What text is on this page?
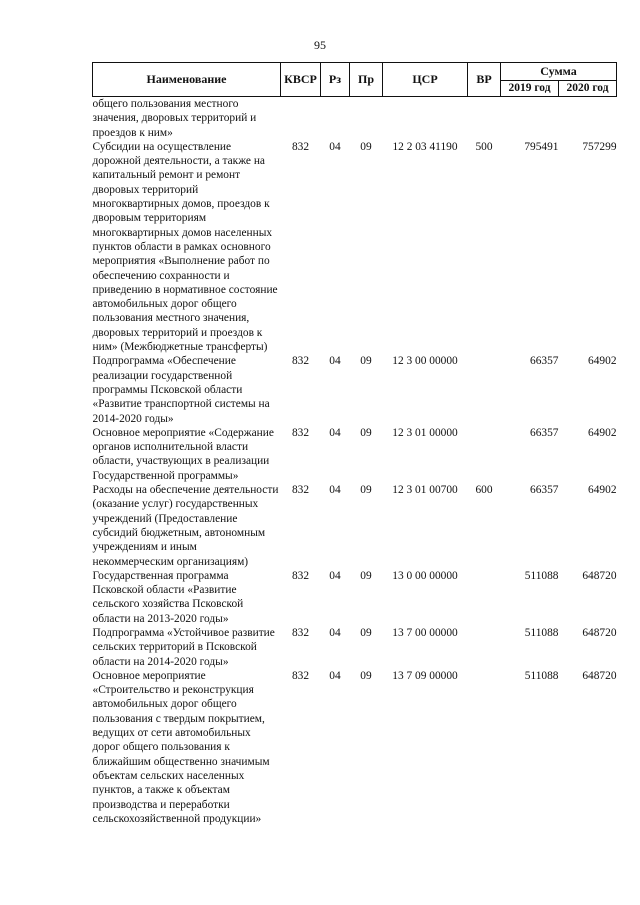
95
Наименование	КВСР	Рз	Пр	ЦСР	ВР	Сумма	
						2019 год	2020 год
общего пользования местного значения, дворовых территорий и проездов к ним»							
Субсидии на осуществление дорожной деятельности, а также на капитальный ремонт и ремонт дворовых территорий многоквартирных домов, проездов к дворовым территориям многоквартирных домов населенных пунктов области в рамках основного мероприятия «Выполнение работ по обеспечению сохранности и приведению в нормативное состояние автомобильных дорог общего пользования местного значения, дворовых территорий и проездов к ним» (Межбюджетные трансферты)	832	04	09	12 2 03 41190	500	795491	757299
Подпрограмма «Обеспечение реализации государственной программы Псковской области «Развитие транспортной системы на 2014-2020 годы»	832	04	09	12 3 00 00000		66357	64902
Основное мероприятие «Содержание органов исполнительной власти области, участвующих в реализации Государственной программы»	832	04	09	12 3 01 00000		66357	64902
Расходы на обеспечение деятельности (оказание услуг) государственных учреждений (Предоставление субсидий бюджетным, автономным учреждениям и иным некоммерческим организациям)	832	04	09	12 3 01 00700	600	66357	64902
Государственная программа Псковской области «Развитие сельского хозяйства Псковской области на 2013-2020 годы»	832	04	09	13 0 00 00000		511088	648720
Подпрограмма «Устойчивое развитие сельских территорий в Псковской области на 2014-2020 годы»	832	04	09	13 7 00 00000		511088	648720
Основное мероприятие «Строительство и реконструкция автомобильных дорог общего пользования с твердым покрытием, ведущих от сети автомобильных дорог общего пользования к ближайшим общественно значимым объектам сельских населенных пунктов, а также к объектам производства и переработки сельскохозяйственной продукции»	832	04	09	13 7 09 00000		511088	648720
